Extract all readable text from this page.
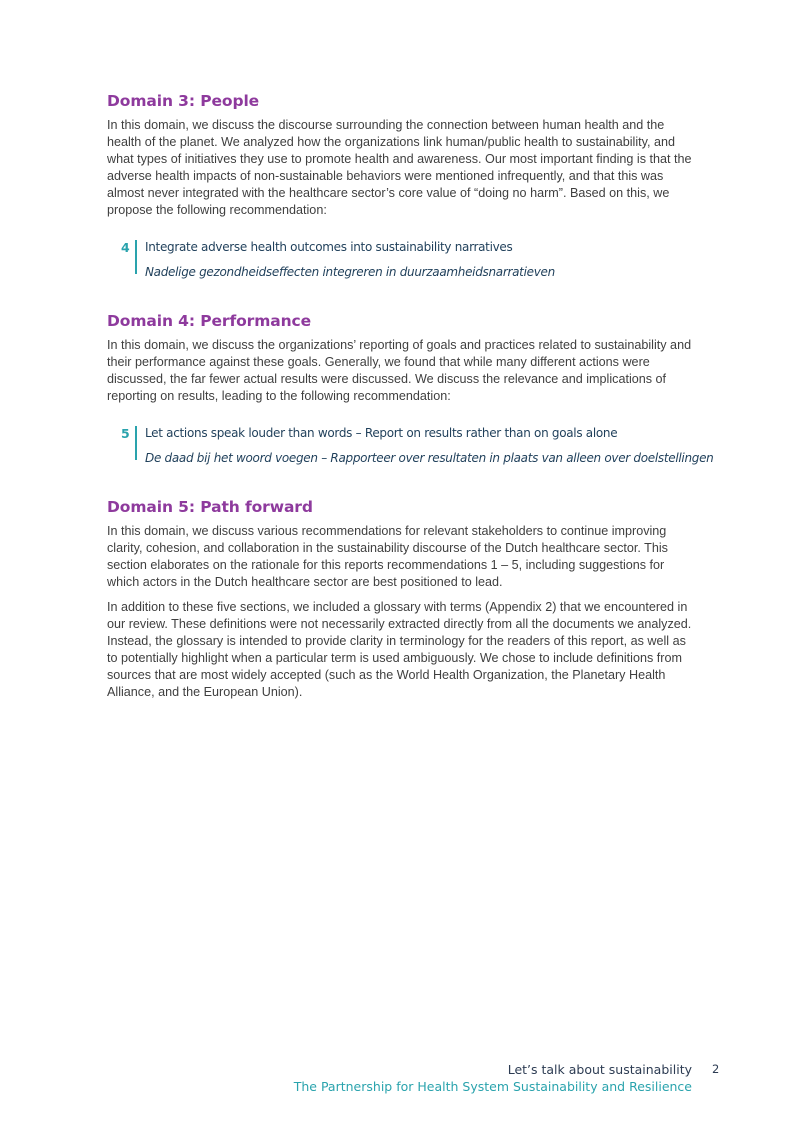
Domain 3: People

In this domain, we discuss the discourse surrounding the connection between human health and the health of the planet. We analyzed how the organizations link human/public health to sustainability, and what types of initiatives they use to promote health and awareness. Our most important finding is that the adverse health impacts of non-sustainable behaviors were mentioned infrequently, and that this was almost never integrated with the healthcare sector’s core value of “doing no harm”. Based on this, we propose the following recommendation:

4 Integrate adverse health outcomes into sustainability narratives
Nadelige gezondheidseffecten integreren in duurzaamheidsnarratieven
Domain 4: Performance

In this domain, we discuss the organizations’ reporting of goals and practices related to sustainability and their performance against these goals. Generally, we found that while many different actions were discussed, the far fewer actual results were discussed. We discuss the relevance and implications of reporting on results, leading to the following recommendation:

5 Let actions speak louder than words – Report on results rather than on goals alone
De daad bij het woord voegen – Rapporteer over resultaten in plaats van alleen over doelstellingen
Domain 5: Path forward

In this domain, we discuss various recommendations for relevant stakeholders to continue improving clarity, cohesion, and collaboration in the sustainability discourse of the Dutch healthcare sector. This section elaborates on the rationale for this reports recommendations 1 – 5, including suggestions for which actors in the Dutch healthcare sector are best positioned to lead.

In addition to these five sections, we included a glossary with terms (Appendix 2) that we encountered in our review. These definitions were not necessarily extracted directly from all the documents we analyzed. Instead, the glossary is intended to provide clarity in terminology for the readers of this report, as well as to potentially highlight when a particular term is used ambiguously. We chose to include definitions from sources that are most widely accepted (such as the World Health Organization, the Planetary Health Alliance, and the European Union).

Let’s talk about sustainability
The Partnership for Health System Sustainability and Resilience
2
